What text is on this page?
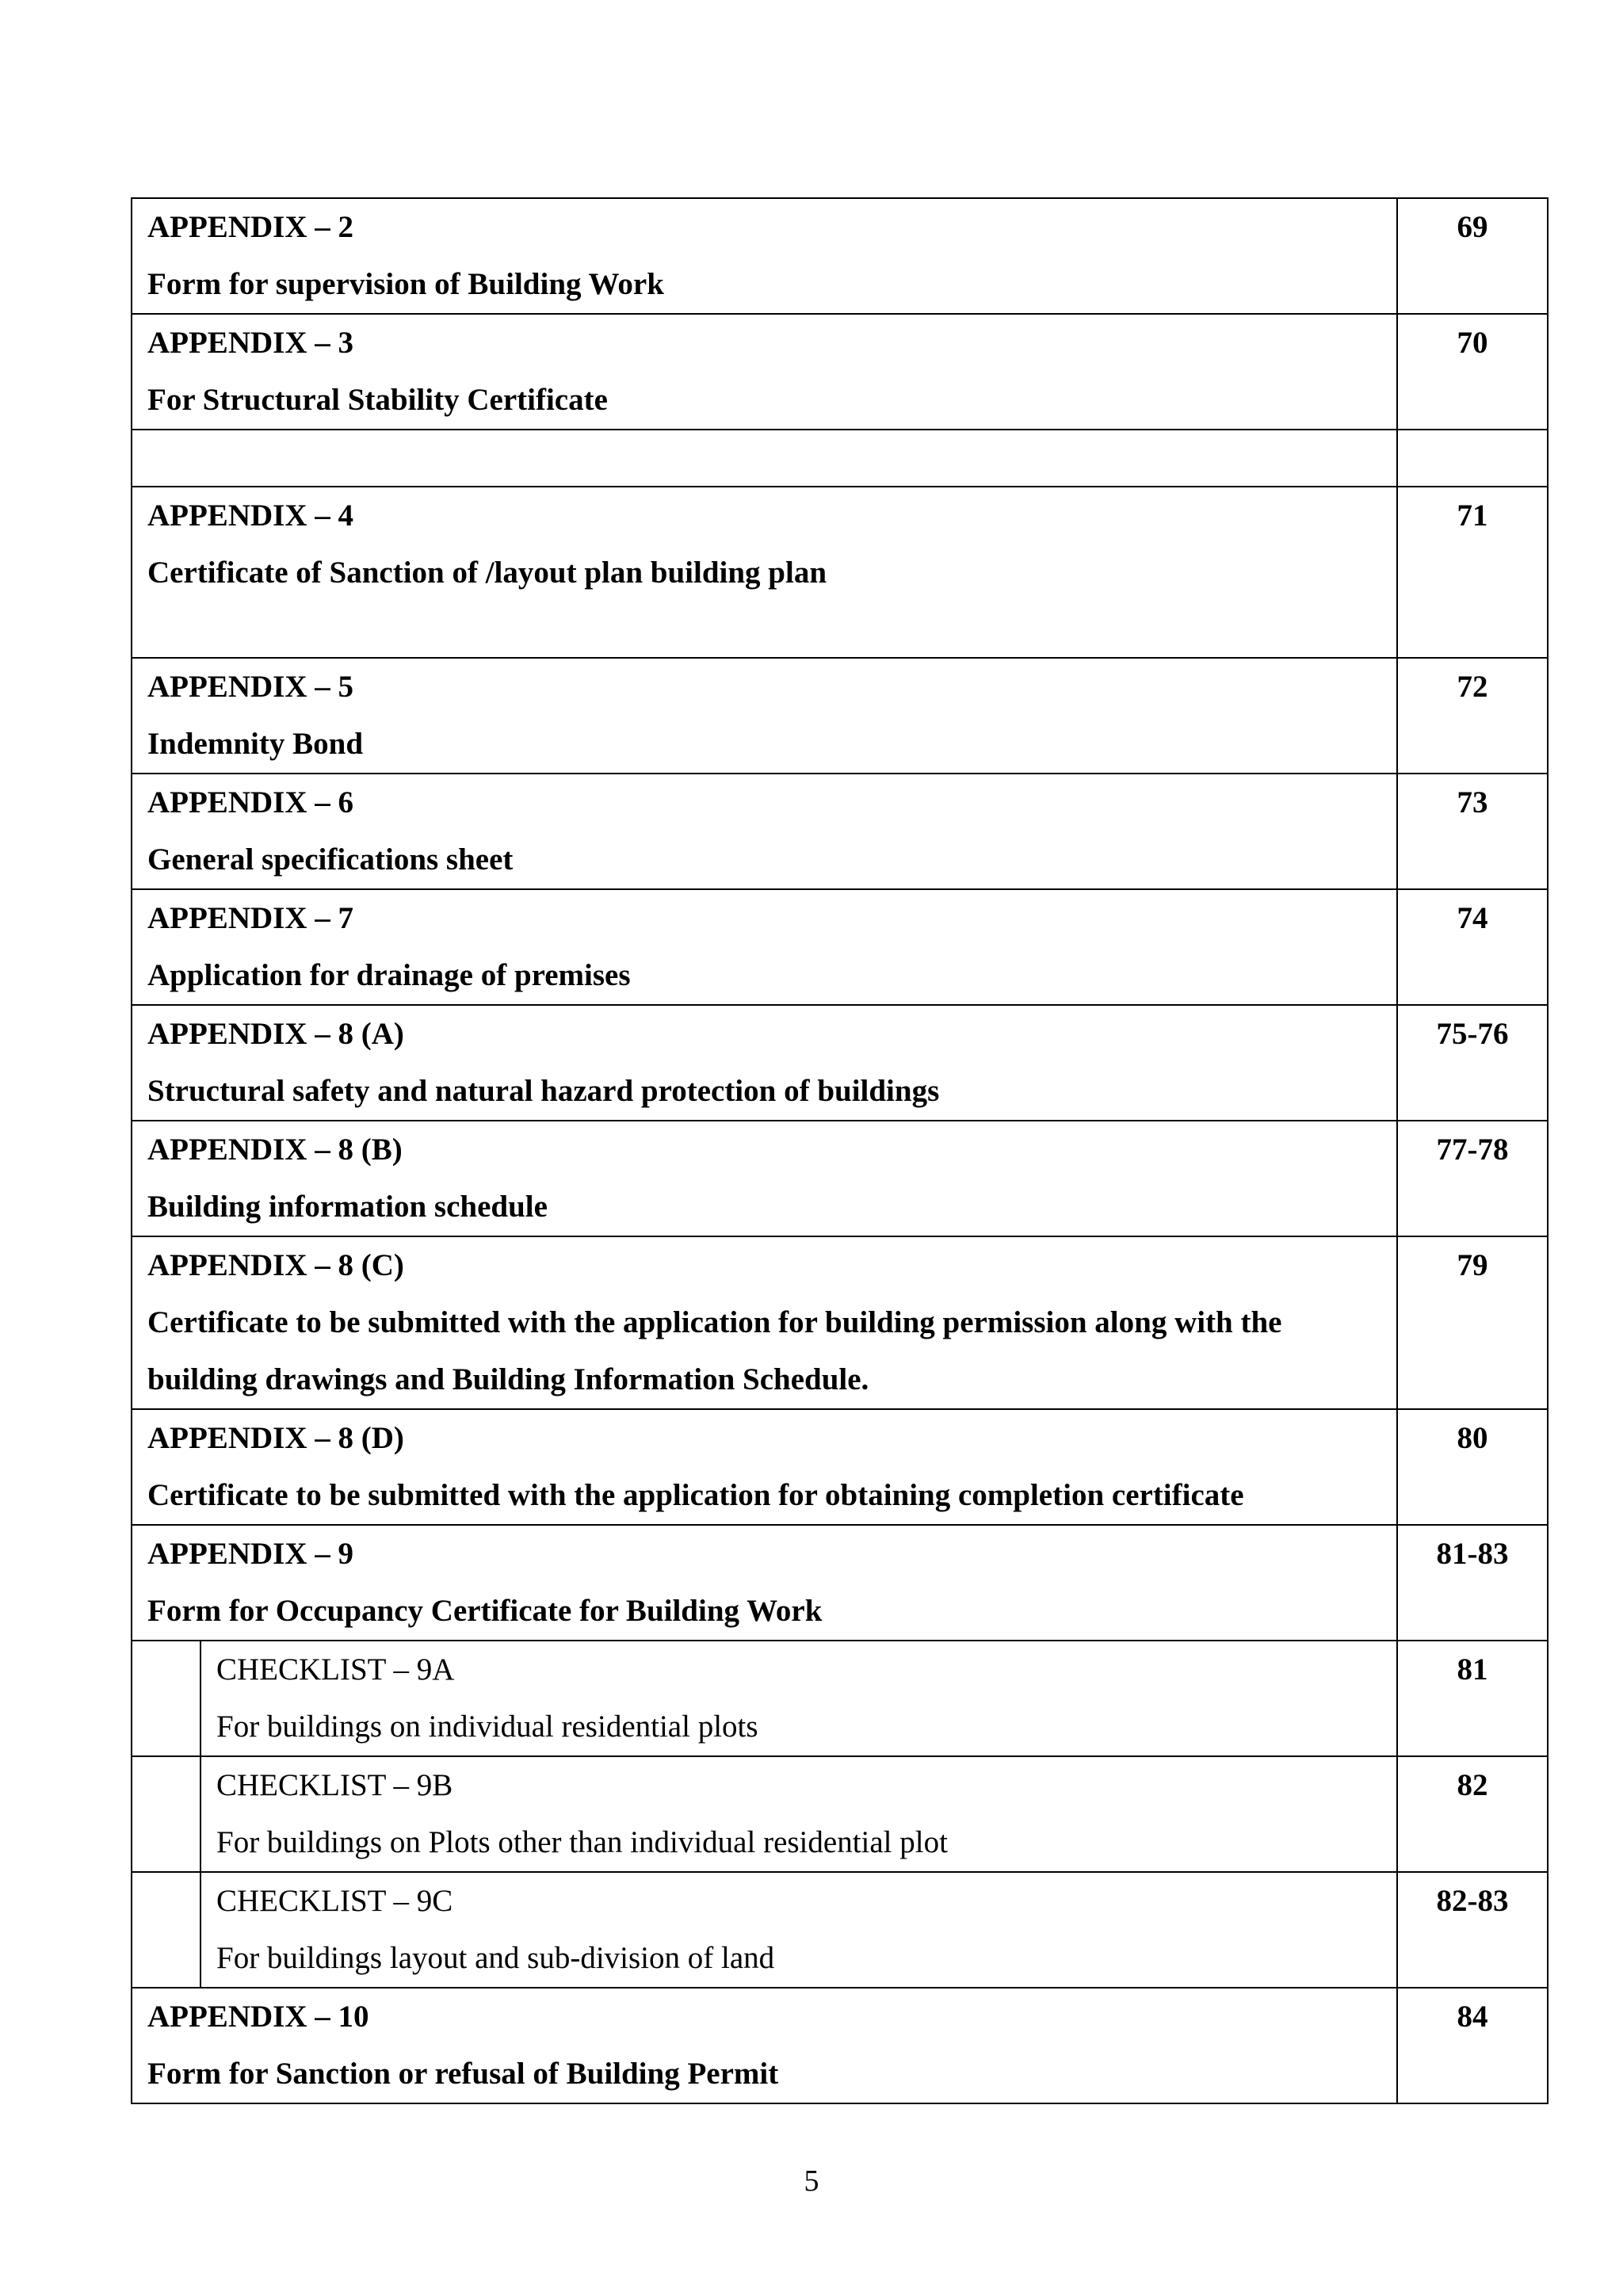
APPENDIX – 2
Form for supervision of Building Work		69

APPENDIX – 3
For Structural Stability Certificate		70

APPENDIX – 4
Certificate of Sanction of /layout plan building plan		71

APPENDIX – 5
Indemnity Bond		72

APPENDIX – 6
General specifications sheet		73

APPENDIX – 7
Application for drainage of premises		74

APPENDIX – 8 (A)
Structural safety and natural hazard protection of buildings		75-76

APPENDIX – 8 (B)
Building information schedule		77-78

APPENDIX – 8 (C)
Certificate to be submitted with the application for building permission along with the
building drawings and Building Information Schedule.		79

APPENDIX – 8 (D)
Certificate to be submitted with the application for obtaining completion certificate		80

APPENDIX – 9
Form for Occupancy Certificate for Building Work		81-83

	CHECKLIST – 9A
For buildings on individual residential plots	81

	CHECKLIST – 9B
For buildings on Plots other than individual residential plot	82

	CHECKLIST – 9C
For buildings layout and sub-division of land	82-83

APPENDIX – 10
Form for Sanction or refusal of Building Permit		84
5
